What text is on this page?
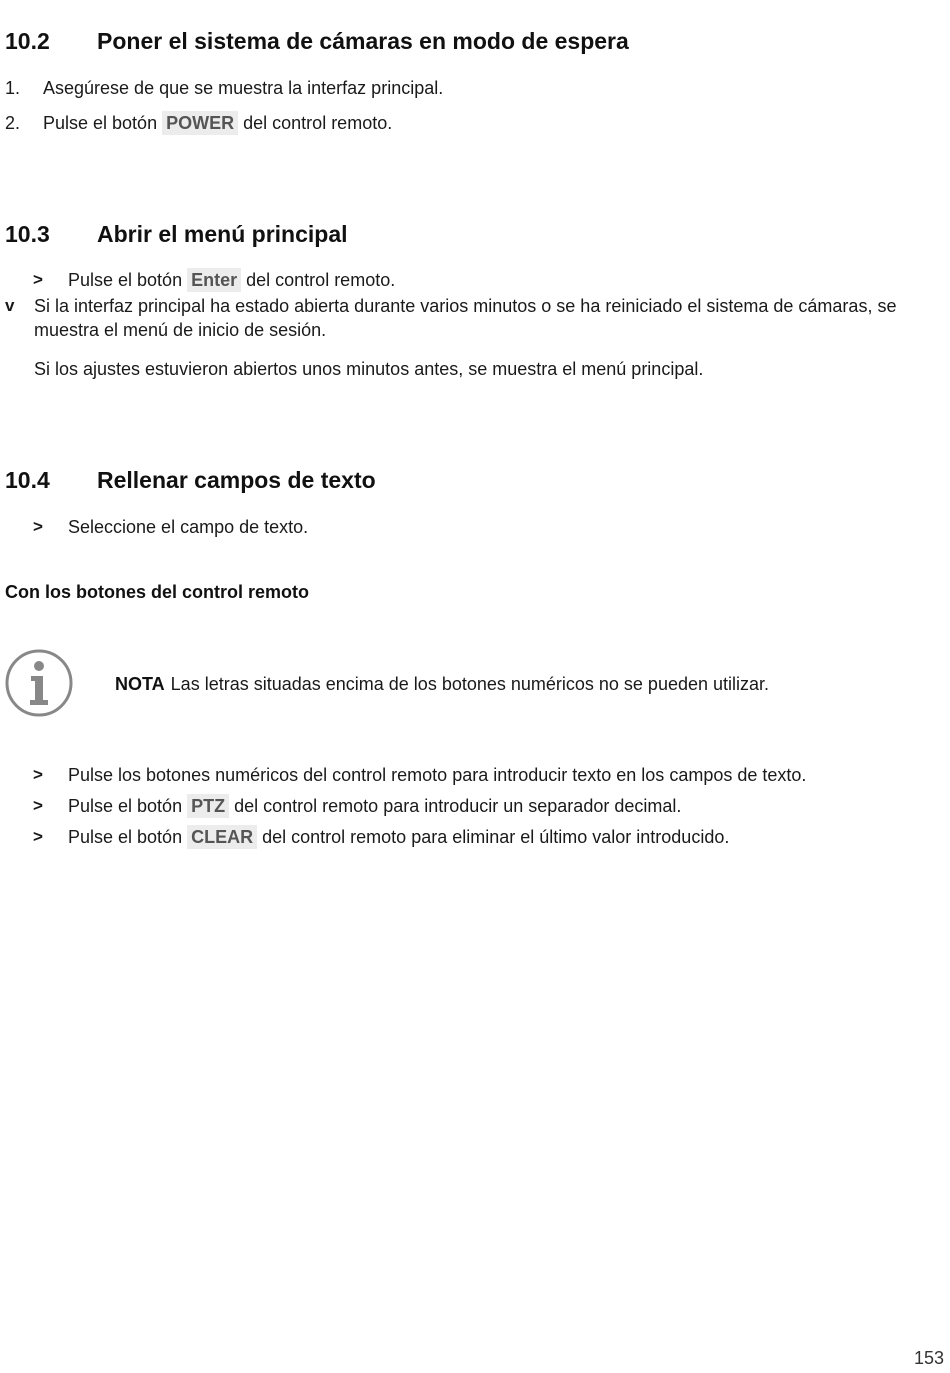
10.2 Poner el sistema de cámaras en modo de espera
1. Asegúrese de que se muestra la interfaz principal.
2. Pulse el botón POWER del control remoto.
10.3 Abrir el menú principal
> Pulse el botón Enter del control remoto.
v Si la interfaz principal ha estado abierta durante varios minutos o se ha reiniciado el sistema de cámaras, se
muestra el menú de inicio de sesión.
Si los ajustes estuvieron abiertos unos minutos antes, se muestra el menú principal.
10.4 Rellenar campos de texto
> Seleccione el campo de texto.
Con los botones del control remoto
NOTA Las letras situadas encima de los botones numéricos no se pueden utilizar.
> Pulse los botones numéricos del control remoto para introducir texto en los campos de texto.
> Pulse el botón PTZ del control remoto para introducir un separador decimal.
> Pulse el botón CLEAR del control remoto para eliminar el último valor introducido.
153
